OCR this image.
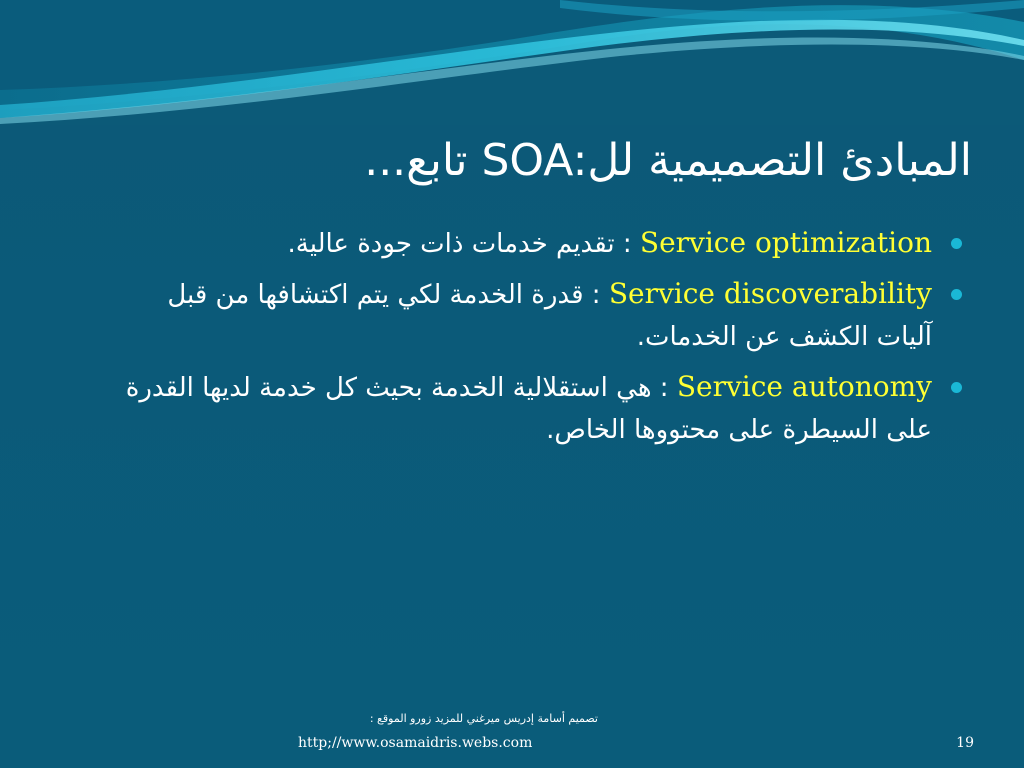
المبادئ التصميمية للSOA: تابع...
Service optimization : تقديم خدمات ذات جودة عالية.
Service discoverability : قدرة الخدمة لكي يتم اكتشافها من قبل آليات الكشف عن الخدمات.
Service autonomy : هي استقلالية الخدمة بحيث كل خدمة لديها القدرة على السيطرة على محتووها الخاص.
تصميم أسامة إدريس ميرغني للمزيد زورو الموقع :
http;//www.osamaidris.webs.com	19
